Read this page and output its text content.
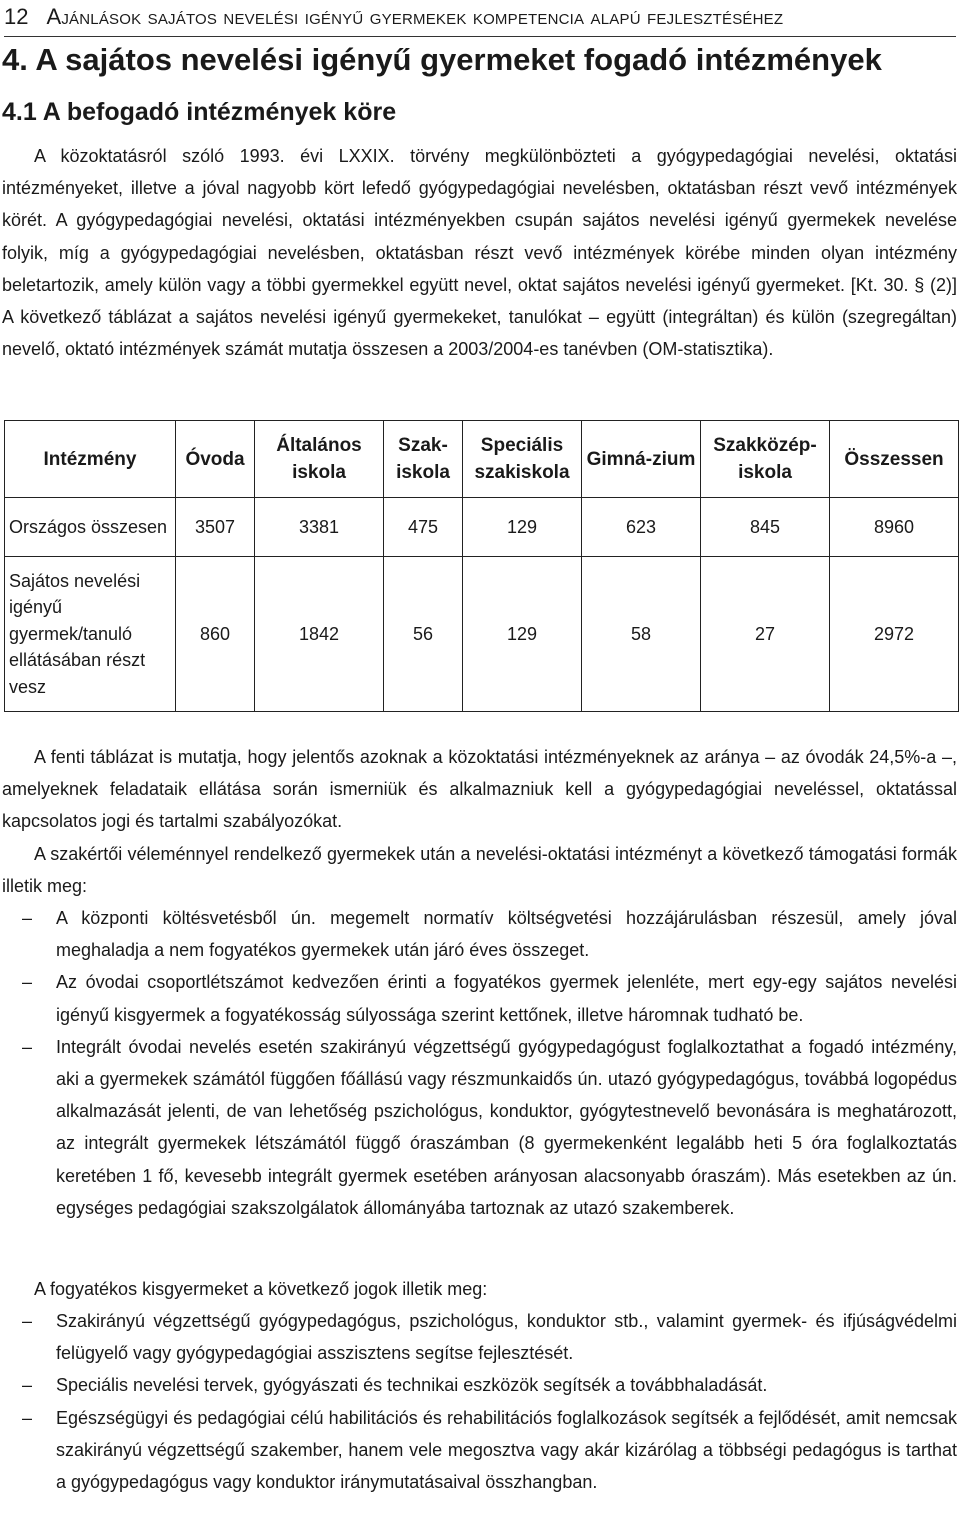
12 Ajánlások sajátos nevelési igényű gyermekek kompetencia alapú fejlesztéséhez
4. A sajátos nevelési igényű gyermeket fogadó intézmények
4.1 A befogadó intézmények köre
A közoktatásról szóló 1993. évi LXXIX. törvény megkülönbözteti a gyógypedagógiai nevelési, oktatási intézményeket, illetve a jóval nagyobb kört lefedő gyógypedagógiai nevelésben, oktatásban részt vevő intézmények körét. A gyógypedagógiai nevelési, oktatási intézményekben csupán sajátos nevelési igényű gyermekek nevelése folyik, míg a gyógypedagógiai nevelésben, oktatásban részt vevő intézmények körébe minden olyan intézmény beletartozik, amely külön vagy a többi gyermekkel együtt nevel, oktat sajátos nevelési igényű gyermeket. [Kt. 30. § (2)] A következő táblázat a sajátos nevelési igényű gyermekeket, tanulókat – együtt (integráltan) és külön (szegregáltan) nevelő, oktató intézmények számát mutatja összesen a 2003/2004-es tanévben (OM-statisztika).
Intézmény	Óvoda	Általános iskola	Szak-iskola	Speciális szakiskola	Gimná-zium	Szakközép-iskola	Összessen
Országos összesen	3507	3381	475	129	623	845	8960
Sajátos nevelési igényű gyermek/tanuló ellátásában részt vesz	860	1842	56	129	58	27	2972
A fenti táblázat is mutatja, hogy jelentős azoknak a közoktatási intézményeknek az aránya – az óvodák 24,5%-a –, amelyeknek feladataik ellátása során ismerniük és alkalmazniuk kell a gyógypedagógiai neveléssel, oktatással kapcsolatos jogi és tartalmi szabályozókat.
A szakértői véleménnyel rendelkező gyermekek után a nevelési-oktatási intézményt a következő támogatási formák illetik meg:
– A központi költésvetésből ún. megemelt normatív költségvetési hozzájárulásban részesül, amely jóval meghaladja a nem fogyatékos gyermekek után járó éves összeget.
– Az óvodai csoportlétszámot kedvezően érinti a fogyatékos gyermek jelenléte, mert egy-egy sajátos nevelési igényű kisgyermek a fogyatékosság súlyossága szerint kettőnek, illetve háromnak tudható be.
– Integrált óvodai nevelés esetén szakirányú végzettségű gyógypedagógust foglalkoztathat a fogadó intézmény, aki a gyermekek számától függően főállású vagy részmunkaidős ún. utazó gyógypedagógus, továbbá logopédus alkalmazását jelenti, de van lehetőség pszichológus, konduktor, gyógytestnevelő bevonására is meghatározott, az integrált gyermekek létszámától függő óraszámban (8 gyermekenként legalább heti 5 óra foglalkoztatás keretében 1 fő, kevesebb integrált gyermek esetében arányosan alacsonyabb óraszám). Más esetekben az ún. egységes pedagógiai szakszolgálatok állományába tartoznak az utazó szakemberek.
A fogyatékos kisgyermeket a következő jogok illetik meg:
– Szakirányú végzettségű gyógypedagógus, pszichológus, konduktor stb., valamint gyermek- és ifjúságvédelmi felügyelő vagy gyógypedagógiai asszisztens segítse fejlesztését.
– Speciális nevelési tervek, gyógyászati és technikai eszközök segítsék a továbbhaladását.
– Egészségügyi és pedagógiai célú habilitációs és rehabilitációs foglalkozások segítsék a fejlődését, amit nemcsak szakirányú végzettségű szakember, hanem vele megosztva vagy akár kizárólag a többségi pedagógus is tarthat a gyógypedagógus vagy konduktor iránymutatásaival összhangban.
